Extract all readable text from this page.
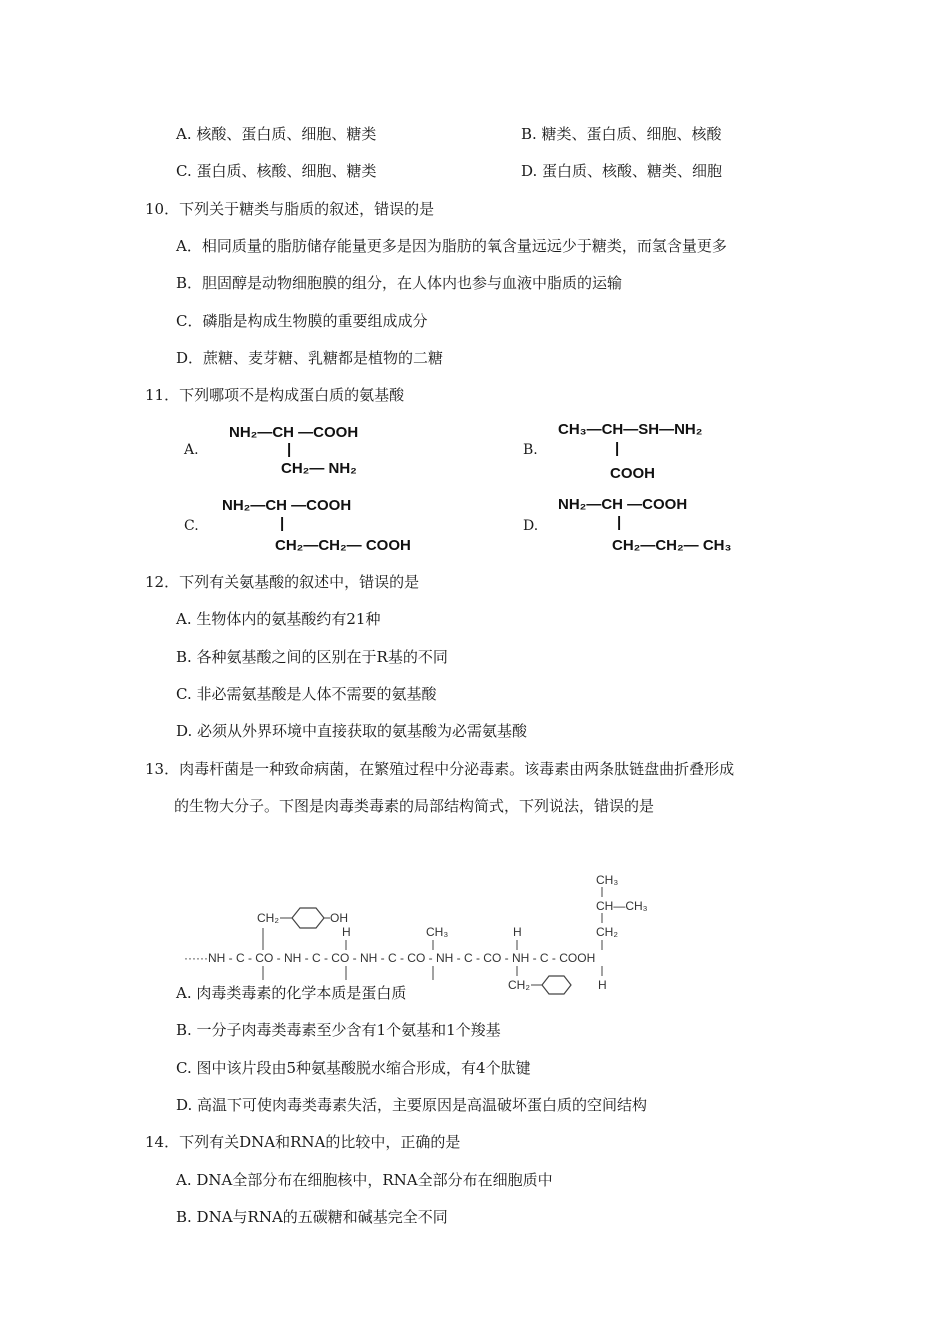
A. 核酸、蛋白质、细胞、糖类	B. 糖类、蛋白质、细胞、核酸
C. 蛋白质、核酸、细胞、糖类	D. 蛋白质、核酸、糖类、细胞
10．下列关于糖类与脂质的叙述，错误的是
A．相同质量的脂肪储存能量更多是因为脂肪的氧含量远远少于糖类，而氢含量更多
B．胆固醇是动物细胞膜的组分，在人体内也参与血液中脂质的运输
C．磷脂是构成生物膜的重要组成成分
D．蔗糖、麦芽糖、乳糖都是植物的二糖
11．下列哪项不是构成蛋白质的氨基酸
A.
NH₂—CH —COOH
|
CH₂— NH₂
B.
CH₃—CH—SH—NH₂
|
COOH
C.
NH₂—CH —COOH
|
CH₂—CH₂— COOH
D.
NH₂—CH —COOH
|
CH₂—CH₂— CH₃
12．下列有关氨基酸的叙述中，错误的是
A. 生物体内的氨基酸约有21种
B. 各种氨基酸之间的区别在于R基的不同
C. 非必需氨基酸是人体不需要的氨基酸
D. 必须从外界环境中直接获取的氨基酸为必需氨基酸
13．肉毒杆菌是一种致命病菌，在繁殖过程中分泌毒素。该毒素由两条肽链盘曲折叠形成
的生物大分子。下图是肉毒类毒素的局部结构简式，下列说法，错误的是
······NH - C - CO - NH - C - CO - NH - C - CO - NH - C - CO - NH - C - COOH
CH₂	OH
H	CH₃	H
CH₂
CH₃
CH—CH₃
CH₂
H
A. 肉毒类毒素的化学本质是蛋白质
B. 一分子肉毒类毒素至少含有1个氨基和1个羧基
C. 图中该片段由5种氨基酸脱水缩合形成，有4个肽键
D. 高温下可使肉毒类毒素失活，主要原因是高温破坏蛋白质的空间结构
14．下列有关DNA和RNA的比较中，正确的是
A. DNA全部分布在细胞核中，RNA全部分布在细胞质中
B. DNA与RNA的五碳糖和碱基完全不同
